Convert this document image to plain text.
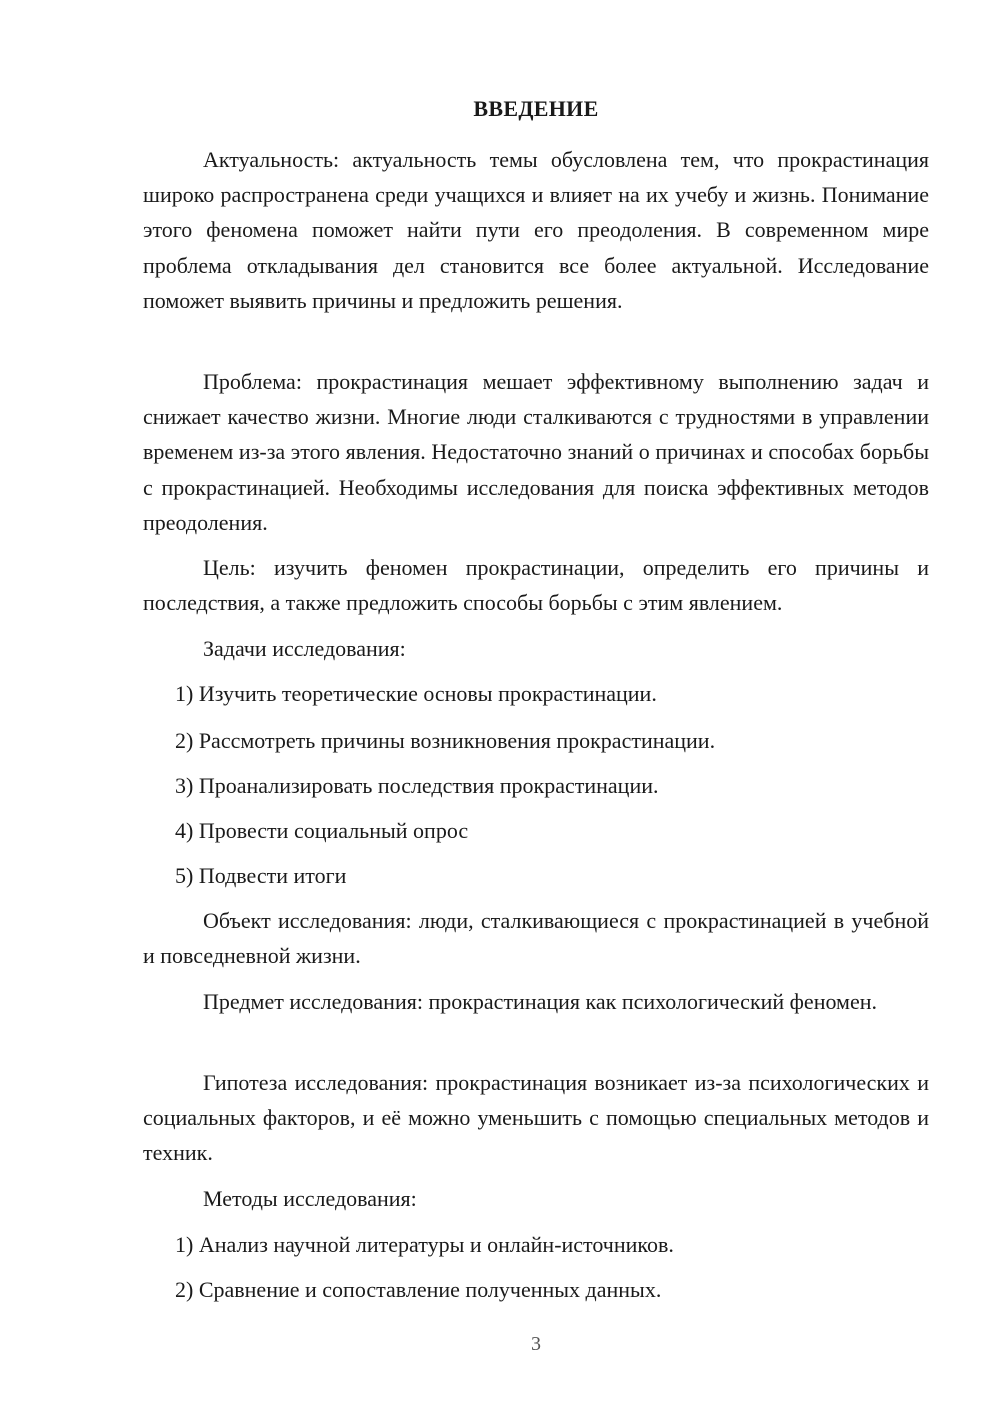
ВВЕДЕНИЕ

Актуальность: актуальность темы обусловлена тем, что прокрастинация широко распространена среди учащихся и влияет на их учебу и жизнь. Понимание этого феномена поможет найти пути его преодоления. В современном мире проблема откладывания дел становится все более актуальной. Исследование поможет выявить причины и предложить решения.

Проблема: прокрастинация мешает эффективному выполнению задач и снижает качество жизни. Многие люди сталкиваются с трудностями в управлении временем из-за этого явления. Недостаточно знаний о причинах и способах борьбы с прокрастинацией. Необходимы исследования для поиска эффективных методов преодоления.

Цель: изучить феномен прокрастинации, определить его причины и последствия, а также предложить способы борьбы с этим явлением.

Задачи исследования:
1) Изучить теоретические основы прокрастинации.
2) Рассмотреть причины возникновения прокрастинации.
3) Проанализировать последствия прокрастинации.
4) Провести социальный опрос
5) Подвести итоги

Объект исследования: люди, сталкивающиеся с прокрастинацией в учебной и повседневной жизни.

Предмет исследования: прокрастинация как психологический феномен.

Гипотеза исследования: прокрастинация возникает из-за психологических и социальных факторов, и её можно уменьшить с помощью специальных методов и техник.

Методы исследования:
1) Анализ научной литературы и онлайн-источников.
2) Сравнение и сопоставление полученных данных.
3
